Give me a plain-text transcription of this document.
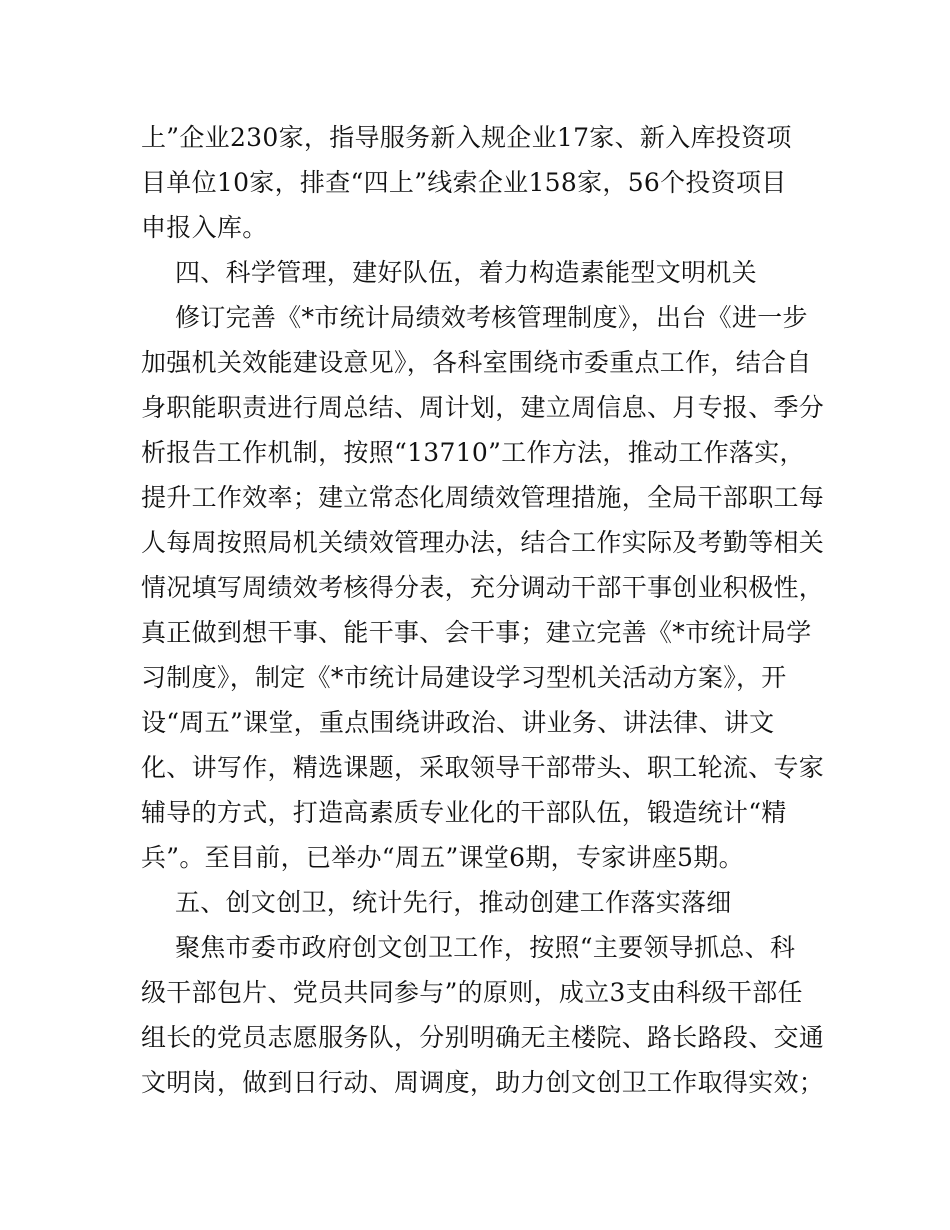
上”企业230家，指导服务新入规企业17家、新入库投资项
目单位10家，排查“四上”线索企业158家，56个投资项目
申报入库。
四、科学管理，建好队伍，着力构造素能型文明机关
修订完善《*市统计局绩效考核管理制度》，出台《进一步
加强机关效能建设意见》，各科室围绕市委重点工作，结合自
身职能职责进行周总结、周计划，建立周信息、月专报、季分
析报告工作机制，按照“13710”工作方法，推动工作落实，
提升工作效率；建立常态化周绩效管理措施，全局干部职工每
人每周按照局机关绩效管理办法，结合工作实际及考勤等相关
情况填写周绩效考核得分表，充分调动干部干事创业积极性，
真正做到想干事、能干事、会干事；建立完善《*市统计局学
习制度》，制定《*市统计局建设学习型机关活动方案》，开
设“周五”课堂，重点围绕讲政治、讲业务、讲法律、讲文
化、讲写作，精选课题，采取领导干部带头、职工轮流、专家
辅导的方式，打造高素质专业化的干部队伍，锻造统计“精
兵”。至目前，已举办“周五”课堂6期，专家讲座5期。
五、创文创卫，统计先行，推动创建工作落实落细
聚焦市委市政府创文创卫工作，按照“主要领导抓总、科
级干部包片、党员共同参与”的原则，成立3支由科级干部任
组长的党员志愿服务队，分别明确无主楼院、路长路段、交通
文明岗，做到日行动、周调度，助力创文创卫工作取得实效；
